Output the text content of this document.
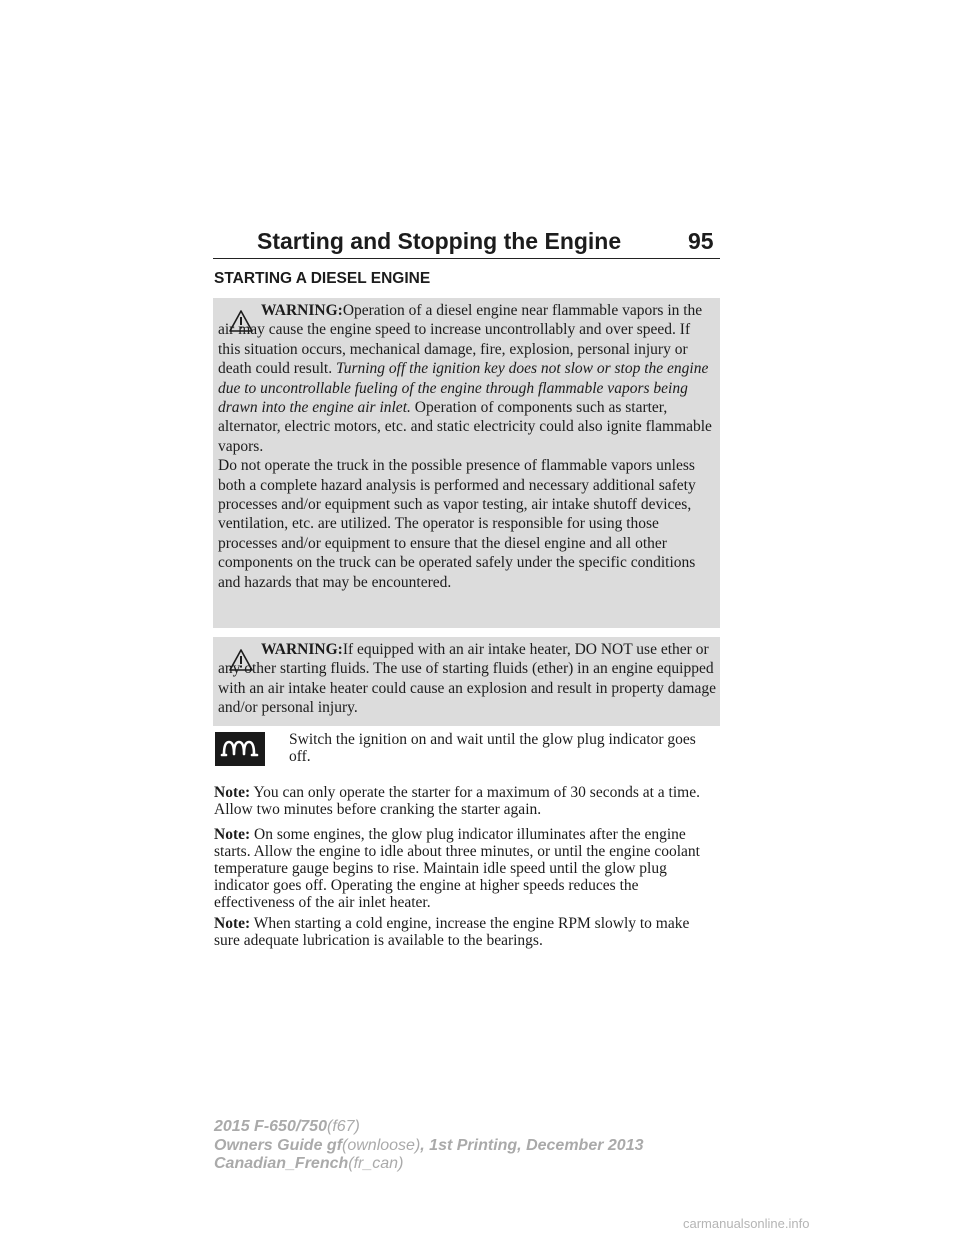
Starting and Stopping the Engine	95
STARTING A DIESEL ENGINE
WARNING:Operation of a diesel engine near flammable vapors in the air may cause the engine speed to increase uncontrollably and over speed. If this situation occurs, mechanical damage, fire, explosion, personal injury or death could result. Turning off the ignition key does not slow or stop the engine due to uncontrollable fueling of the engine through flammable vapors being drawn into the engine air inlet. Operation of components such as starter, alternator, electric motors, etc. and static electricity could also ignite flammable vapors.
Do not operate the truck in the possible presence of flammable vapors unless both a complete hazard analysis is performed and necessary additional safety processes and/or equipment such as vapor testing, air intake shutoff devices, ventilation, etc. are utilized. The operator is responsible for using those processes and/or equipment to ensure that the diesel engine and all other components on the truck can be operated safely under the specific conditions and hazards that may be encountered.
WARNING:If equipped with an air intake heater, DO NOT use ether or any other starting fluids. The use of starting fluids (ether) in an engine equipped with an air intake heater could cause an explosion and result in property damage and/or personal injury.
Switch the ignition on and wait until the glow plug indicator goes off.
Note: You can only operate the starter for a maximum of 30 seconds at a time. Allow two minutes before cranking the starter again.
Note: On some engines, the glow plug indicator illuminates after the engine starts. Allow the engine to idle about three minutes, or until the engine coolant temperature gauge begins to rise. Maintain idle speed until the glow plug indicator goes off. Operating the engine at higher speeds reduces the effectiveness of the air inlet heater.
Note: When starting a cold engine, increase the engine RPM slowly to make sure adequate lubrication is available to the bearings.
2015 F-650/750(f67)
Owners Guide gf(ownloose), 1st Printing, December 2013
Canadian_French(fr_can)
carmanualsonline.info
